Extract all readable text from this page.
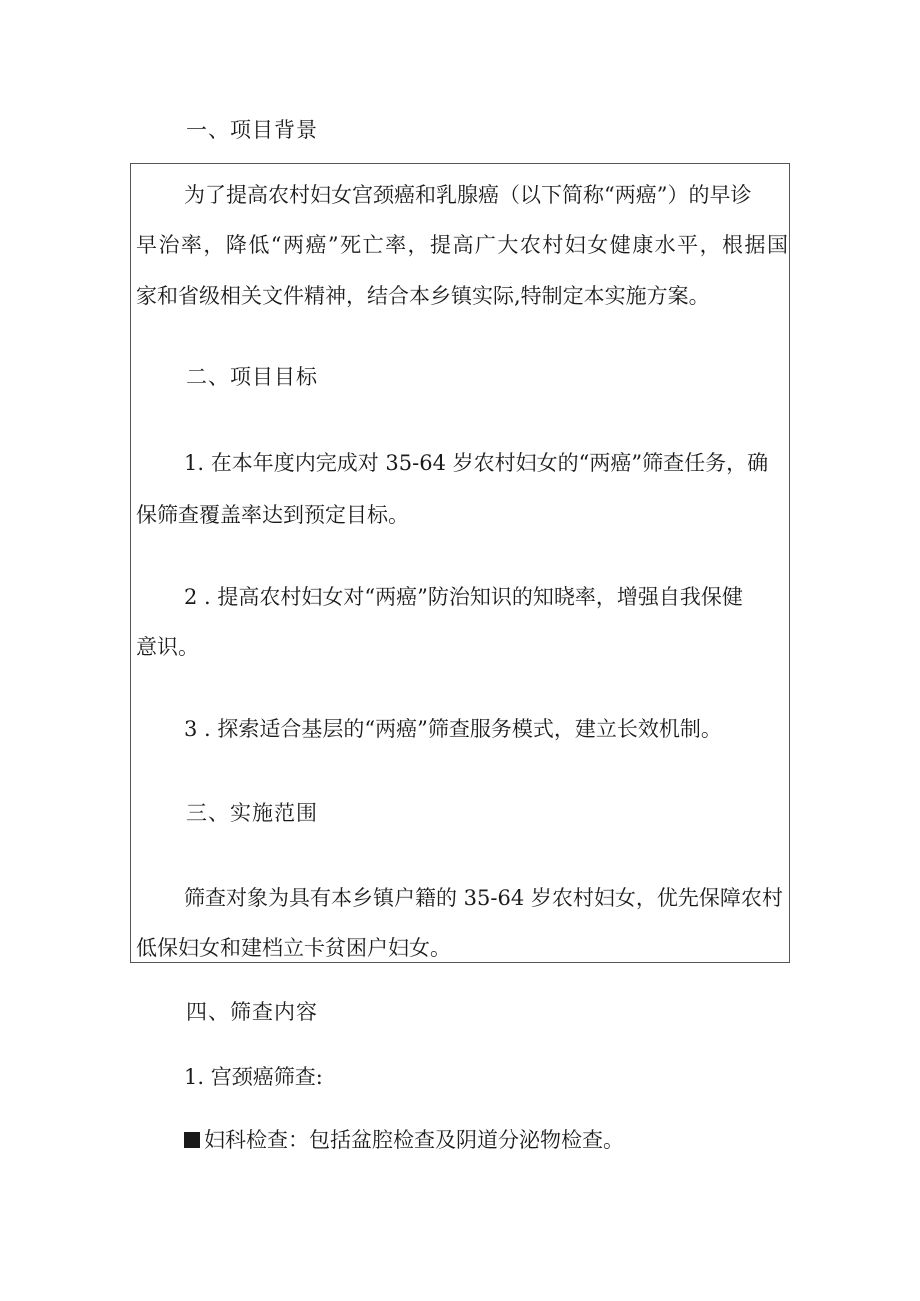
一、项目背景

为了提高农村妇女宫颈癌和乳腺癌（以下简称“两癌”）的早诊

早治率，降低“两癌”死亡率，提高广大农村妇女健康水平，根据国

家和省级相关文件精神，结合本乡镇实际,特制定本实施方案。

二、项目目标

1. 在本年度内完成对 35-64 岁农村妇女的“两癌”筛查任务，确

保筛查覆盖率达到预定目标。

2 . 提高农村妇女对“两癌”防治知识的知晓率，增强自我保健

意识。

3 . 探索适合基层的“两癌”筛查服务模式，建立长效机制。

三、实施范围

筛查对象为具有本乡镇户籍的 35-64 岁农村妇女，优先保障农村

低保妇女和建档立卡贫困户妇女。

四、筛查内容

1. 宫颈癌筛查:

妇科检查：包括盆腔检查及阴道分泌物检查。
